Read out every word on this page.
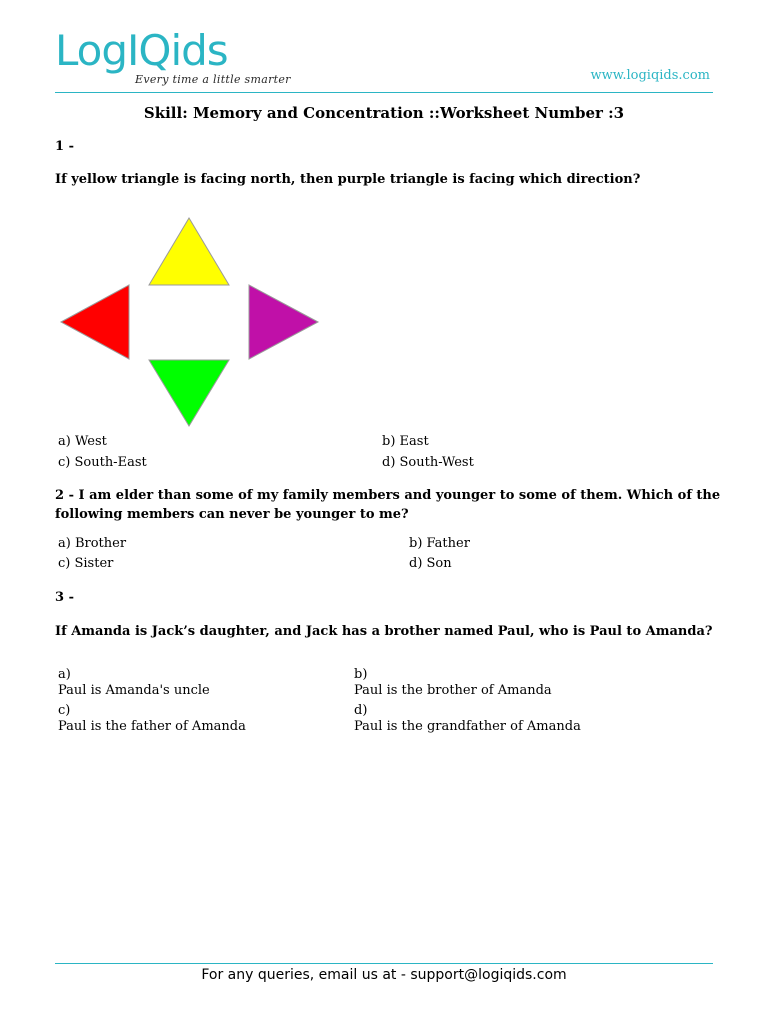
LogIQids
Every time a little smarter	www.logiqids.com
Skill: Memory and Concentration ::Worksheet Number :3
1 -
If yellow triangle is facing north, then purple triangle is facing which direction?
a) West	b) East
c) South-East	d) South-West
2 - I am elder than some of my family members and younger to some of them. Which of the
following members can never be younger to me?
a) Brother	b) Father
c) Sister	d) Son
3 -
If Amanda is Jack’s daughter, and Jack has a brother named Paul, who is Paul to Amanda?
a)
Paul is Amanda's uncle
b)
Paul is the brother of Amanda
c)
Paul is the father of Amanda
d)
Paul is the grandfather of Amanda
For any queries, email us at - support@logiqids.com
